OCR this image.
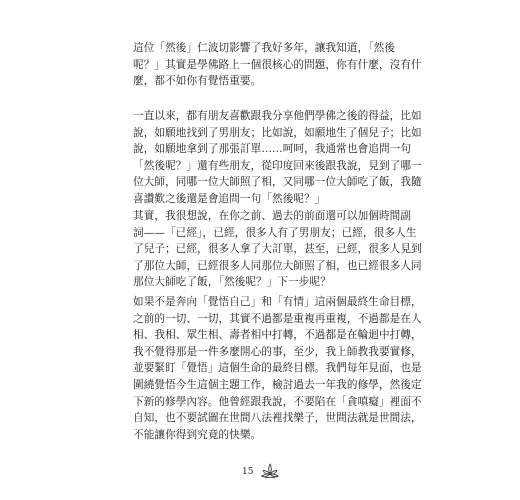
這位「然後」仁波切影響了我好多年，讓我知道，「然後
呢？」其實是學佛路上一個很核心的問題，你有什麼，沒有什
麼，都不如你有覺悟重要。

一直以來，都有朋友喜歡跟我分享他們學佛之後的得益，比如
說，如願地找到了男朋友；比如說，如願地生了個兒子；比如
說，如願地拿到了那張訂單……呵呵，我通常也會追問一句
「然後呢？」還有些朋友，從印度回來後跟我說，見到了哪一
位大師，同哪一位大師照了相，又同哪一位大師吃了飯，我隨
喜讚歎之後還是會追問一句「然後呢？」

其實，我很想說，在你之前、過去的前面還可以加個時間副
詞——「已經」，已經，很多人有了男朋友；已經，很多人生
了兒子；已經，很多人拿了大訂單，甚至，已經，很多人見到
了那位大師，已經很多人同那位大師照了相，也已經很多人同
那位大師吃了飯，「然後呢？」下一步呢？

如果不是奔向「覺悟自己」和「有情」這兩個最終生命目標，
之前的一切、一切，其實不過都是重複再重複，不過都是在人
相、我相、眾生相、壽者相中打轉，不過都是在輪迴中打轉，
我不覺得那是一件多麼開心的事，至少，我上師教我要實修，
並要緊盯「覺悟」這個生命的最終目標。我們每年見面，也是
圍繞覺悟今生這個主題工作，檢討過去一年我的修學，然後定
下新的修學內容。他曾經跟我說，不要陷在「貪嗔癡」裡面不
自知，也不要試圖在世間八法裡找樂子，世間法就是世間法，
不能讓你得到究竟的快樂。

15
